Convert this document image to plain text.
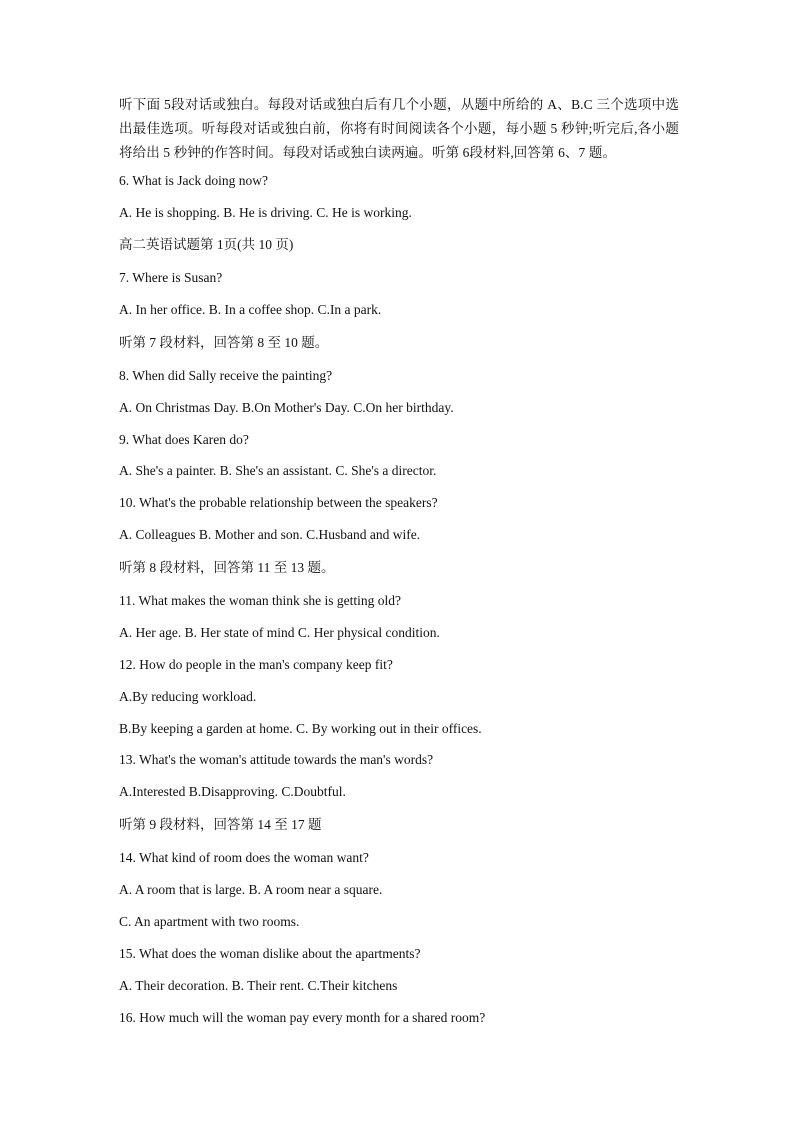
听下面 5段对话或独白。每段对话或独白后有几个小题，从题中所给的 A、B.C 三个选项中选出最佳选项。听每段对话或独白前，你将有时间阅读各个小题，每小题 5 秒钟;听完后,各小题将给出 5 秒钟的作答时间。每段对话或独白读两遍。听第 6段材料,回答第 6、7 题。
6. What is Jack doing now?
A. He is shopping. B. He is driving. C. He is working.
高二英语试题第 1页(共 10 页)
7. Where is Susan?
A. In her office. B. In a coffee shop. C.In a park.
听第 7 段材料，回答第 8 至 10 题。
8. When did Sally receive the painting?
A. On Christmas Day. B.On Mother's Day. C.On her birthday.
9. What does Karen do?
A. She's a painter. B. She's an assistant. C. She's a director.
10. What's the probable relationship between the speakers?
A. Colleagues B. Mother and son. C.Husband and wife.
听第 8 段材料，回答第 11 至 13 题。
11. What makes the woman think she is getting old?
A. Her age. B. Her state of mind C. Her physical condition.
12. How do people in the man's company keep fit?
A.By reducing workload.
B.By keeping a garden at home. C. By working out in their offices.
13. What's the woman's attitude towards the man's words?
A.Interested B.Disapproving. C.Doubtful.
听第 9 段材料，回答第 14 至 17 题
14. What kind of room does the woman want?
A. A room that is large. B. A room near a square.
C. An apartment with two rooms.
15. What does the woman dislike about the apartments?
A. Their decoration. B. Their rent. C.Their kitchens
16. How much will the woman pay every month for a shared room?
